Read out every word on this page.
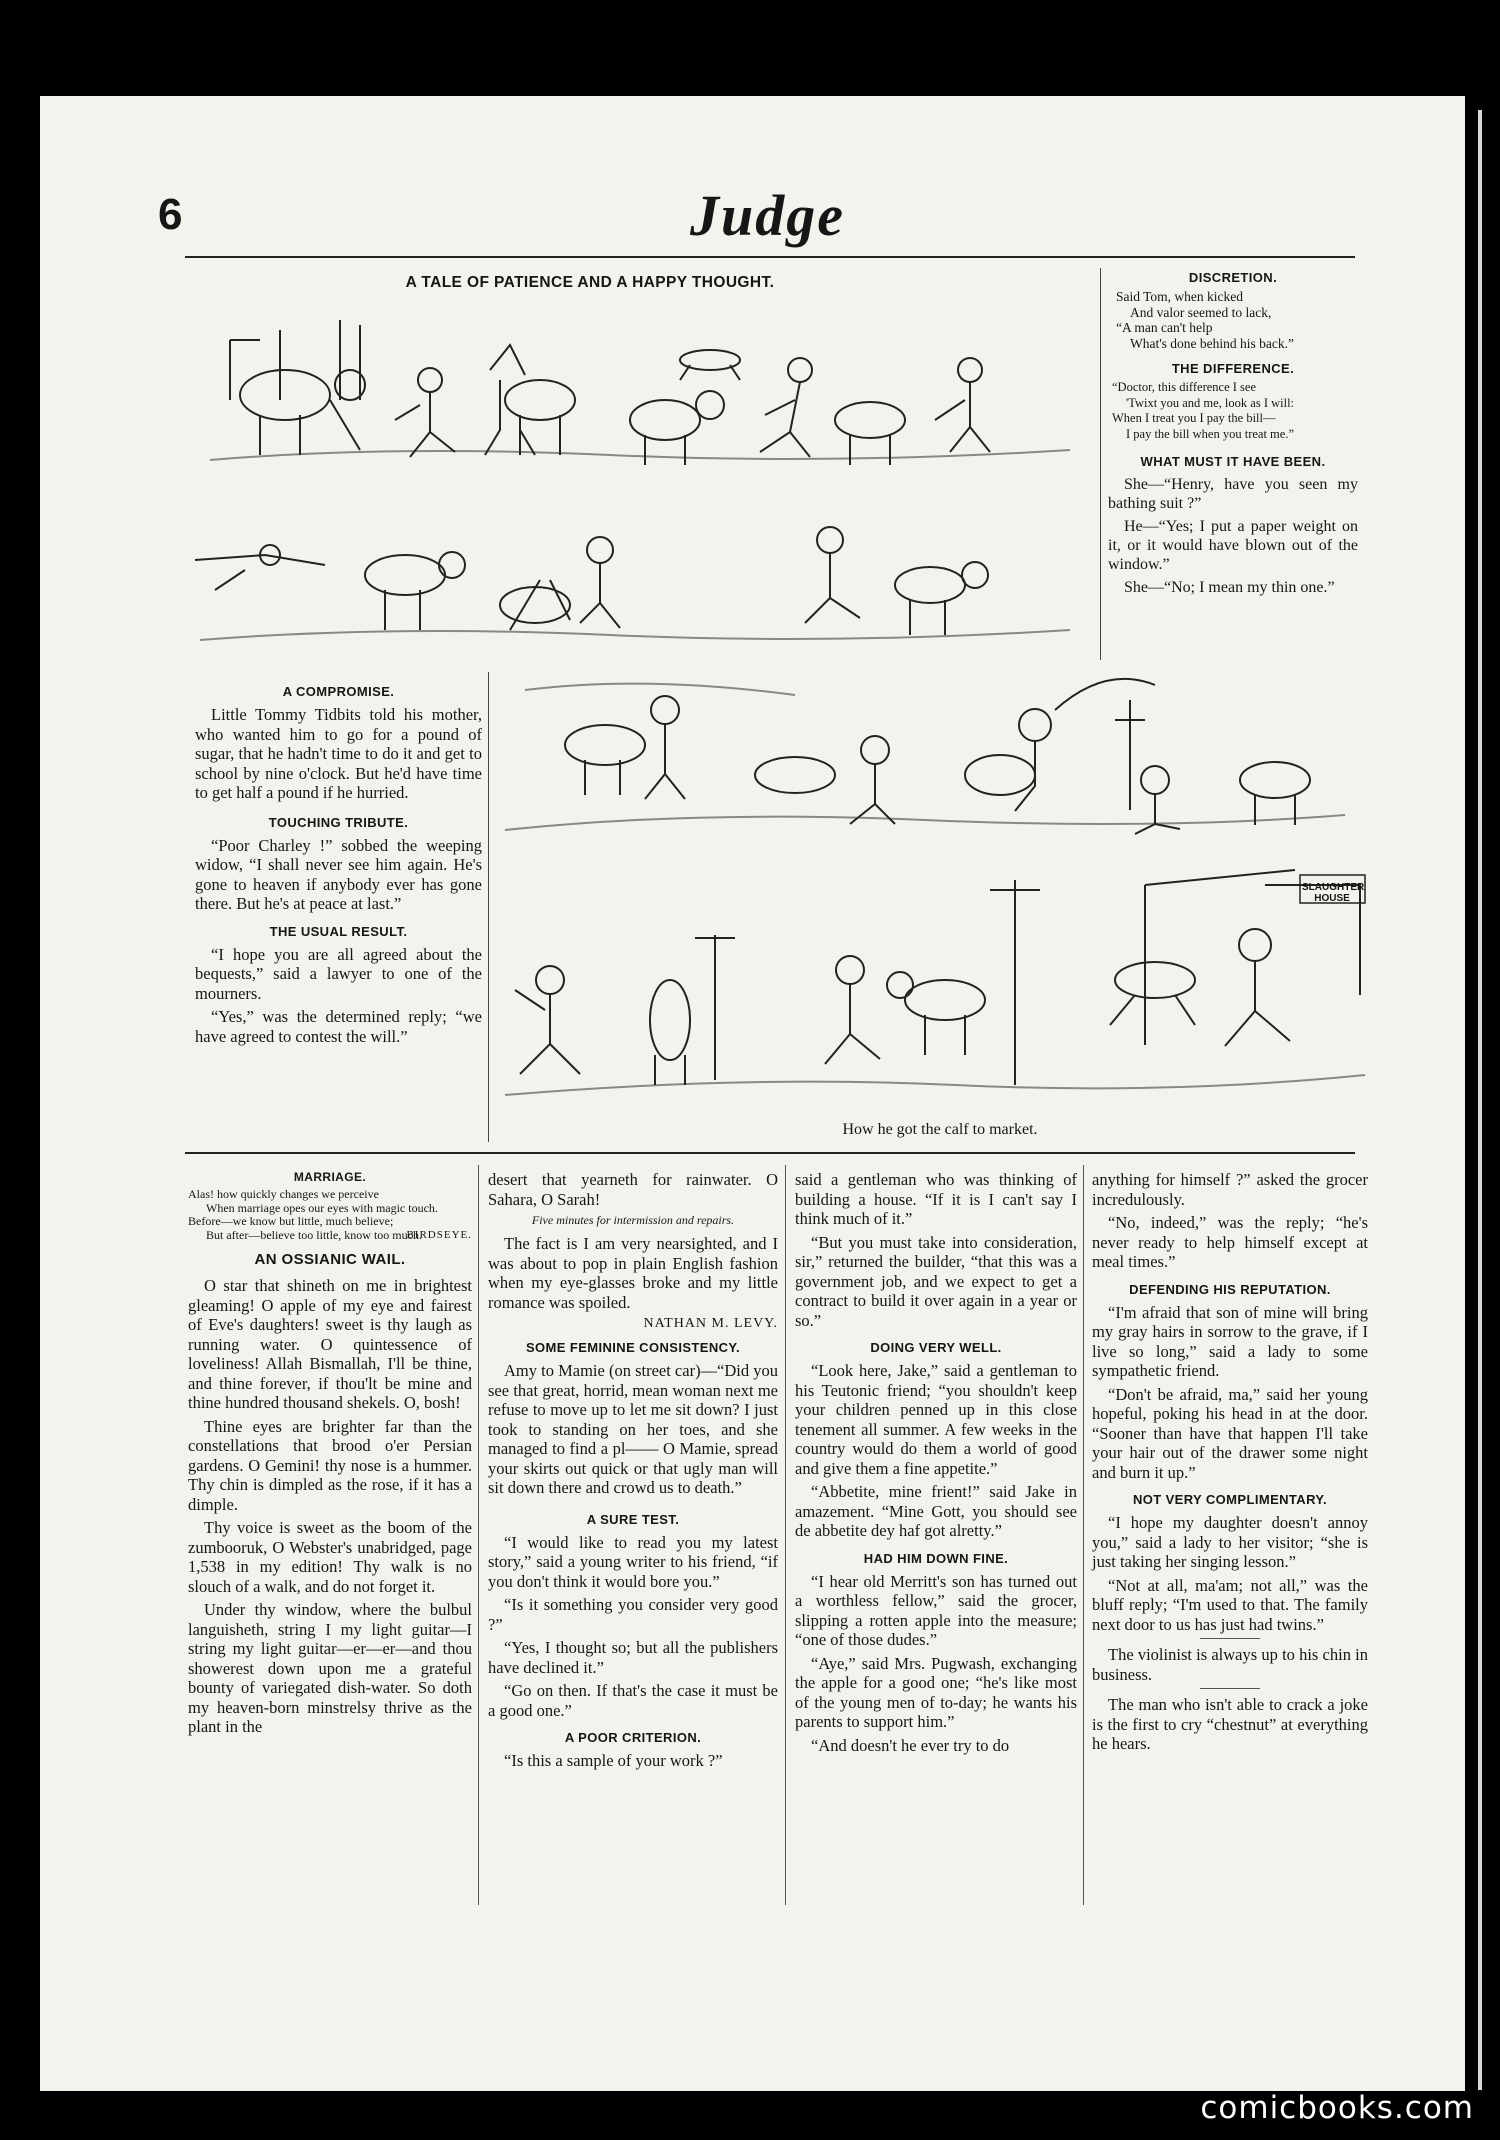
6	Judge
A TALE OF PATIENCE AND A HAPPY THOUGHT.
SLAUGHTER HOUSE
How he got the calf to market.
DISCRETION.
Said Tom, when kicked
And valor seemed to lack,
“A man can't help
What's done behind his back.”
THE DIFFERENCE.
“Doctor, this difference I see
'Twixt you and me, look as I will:
When I treat you I pay the bill—
I pay the bill when you treat me.”
WHAT MUST IT HAVE BEEN.

She—“Henry, have you seen my bathing suit ?”

He—“Yes; I put a paper weight on it, or it would have blown out of the window.”

She—“No; I mean my thin one.”

A COMPROMISE.

Little Tommy Tidbits told his mother, who wanted him to go for a pound of sugar, that he hadn't time to do it and get to school by nine o'clock. But he'd have time to get half a pound if he hurried.

TOUCHING TRIBUTE.

“Poor Charley !” sobbed the weeping widow, “I shall never see him again. He's gone to heaven if anybody ever has gone there. But he's at peace at last.”

THE USUAL RESULT.

“I hope you are all agreed about the bequests,” said a lawyer to one of the mourners.

“Yes,” was the determined reply; “we have agreed to contest the will.”

MARRIAGE.
Alas! how quickly changes we perceive
When marriage opes our eyes with magic touch.
Before—we know but little, much believe;
But after—believe too little, know too much.
BIRDSEYE.
AN OSSIANIC WAIL.

O star that shineth on me in brightest gleaming! O apple of my eye and fairest of Eve's daughters! sweet is thy laugh as running water. O quintessence of loveliness! Allah Bismallah, I'll be thine, and thine forever, if thou'lt be mine and thine hundred thousand shekels. O, bosh!

Thine eyes are brighter far than the constellations that brood o'er Persian gardens. O Gemini! thy nose is a hummer. Thy chin is dimpled as the rose, if it has a dimple.

Thy voice is sweet as the boom of the zumbooruk, O Webster's unabridged, page 1,538 in my edition! Thy walk is no slouch of a walk, and do not forget it.

Under thy window, where the bulbul languisheth, string I my light guitar—I string my light guitar—er—er—and thou showerest down upon me a grateful bounty of variegated dish-water. So doth my heaven-born minstrelsy thrive as the plant in the

desert that yearneth for rainwater. O Sahara, O Sarah!

Five minutes for intermission and repairs.

The fact is I am very nearsighted, and I was about to pop in plain English fashion when my eye-glasses broke and my little romance was spoiled.

NATHAN M. LEVY.
SOME FEMININE CONSISTENCY.

Amy to Mamie (on street car)—“Did you see that great, horrid, mean woman next me refuse to move up to let me sit down? I just took to standing on her toes, and she managed to find a pl—— O Mamie, spread your skirts out quick or that ugly man will sit down there and crowd us to death.”

A SURE TEST.

“I would like to read you my latest story,” said a young writer to his friend, “if you don't think it would bore you.”

“Is it something you consider very good ?”

“Yes, I thought so; but all the publishers have declined it.”

“Go on then. If that's the case it must be a good one.”

A POOR CRITERION.

“Is this a sample of your work ?”

said a gentleman who was thinking of building a house. “If it is I can't say I think much of it.”

“But you must take into consideration, sir,” returned the builder, “that this was a government job, and we expect to get a contract to build it over again in a year or so.”

DOING VERY WELL.

“Look here, Jake,” said a gentleman to his Teutonic friend; “you shouldn't keep your children penned up in this close tenement all summer. A few weeks in the country would do them a world of good and give them a fine appetite.”

“Abbetite, mine frient!” said Jake in amazement. “Mine Gott, you should see de abbetite dey haf got alretty.”

HAD HIM DOWN FINE.

“I hear old Merritt's son has turned out a worthless fellow,” said the grocer, slipping a rotten apple into the measure; “one of those dudes.”

“Aye,” said Mrs. Pugwash, exchanging the apple for a good one; “he's like most of the young men of to-day; he wants his parents to support him.”

“And doesn't he ever try to do

anything for himself ?” asked the grocer incredulously.

“No, indeed,” was the reply; “he's never ready to help himself except at meal times.”

DEFENDING HIS REPUTATION.

“I'm afraid that son of mine will bring my gray hairs in sorrow to the grave, if I live so long,” said a lady to some sympathetic friend.

“Don't be afraid, ma,” said her young hopeful, poking his head in at the door. “Sooner than have that happen I'll take your hair out of the drawer some night and burn it up.”

NOT VERY COMPLIMENTARY.

“I hope my daughter doesn't annoy you,” said a lady to her visitor; “she is just taking her singing lesson.”

“Not at all, ma'am; not all,” was the bluff reply; “I'm used to that. The family next door to us has just had twins.”

The violinist is always up to his chin in business.

The man who isn't able to crack a joke is the first to cry “chestnut” at everything he hears.

comicbooks.com
